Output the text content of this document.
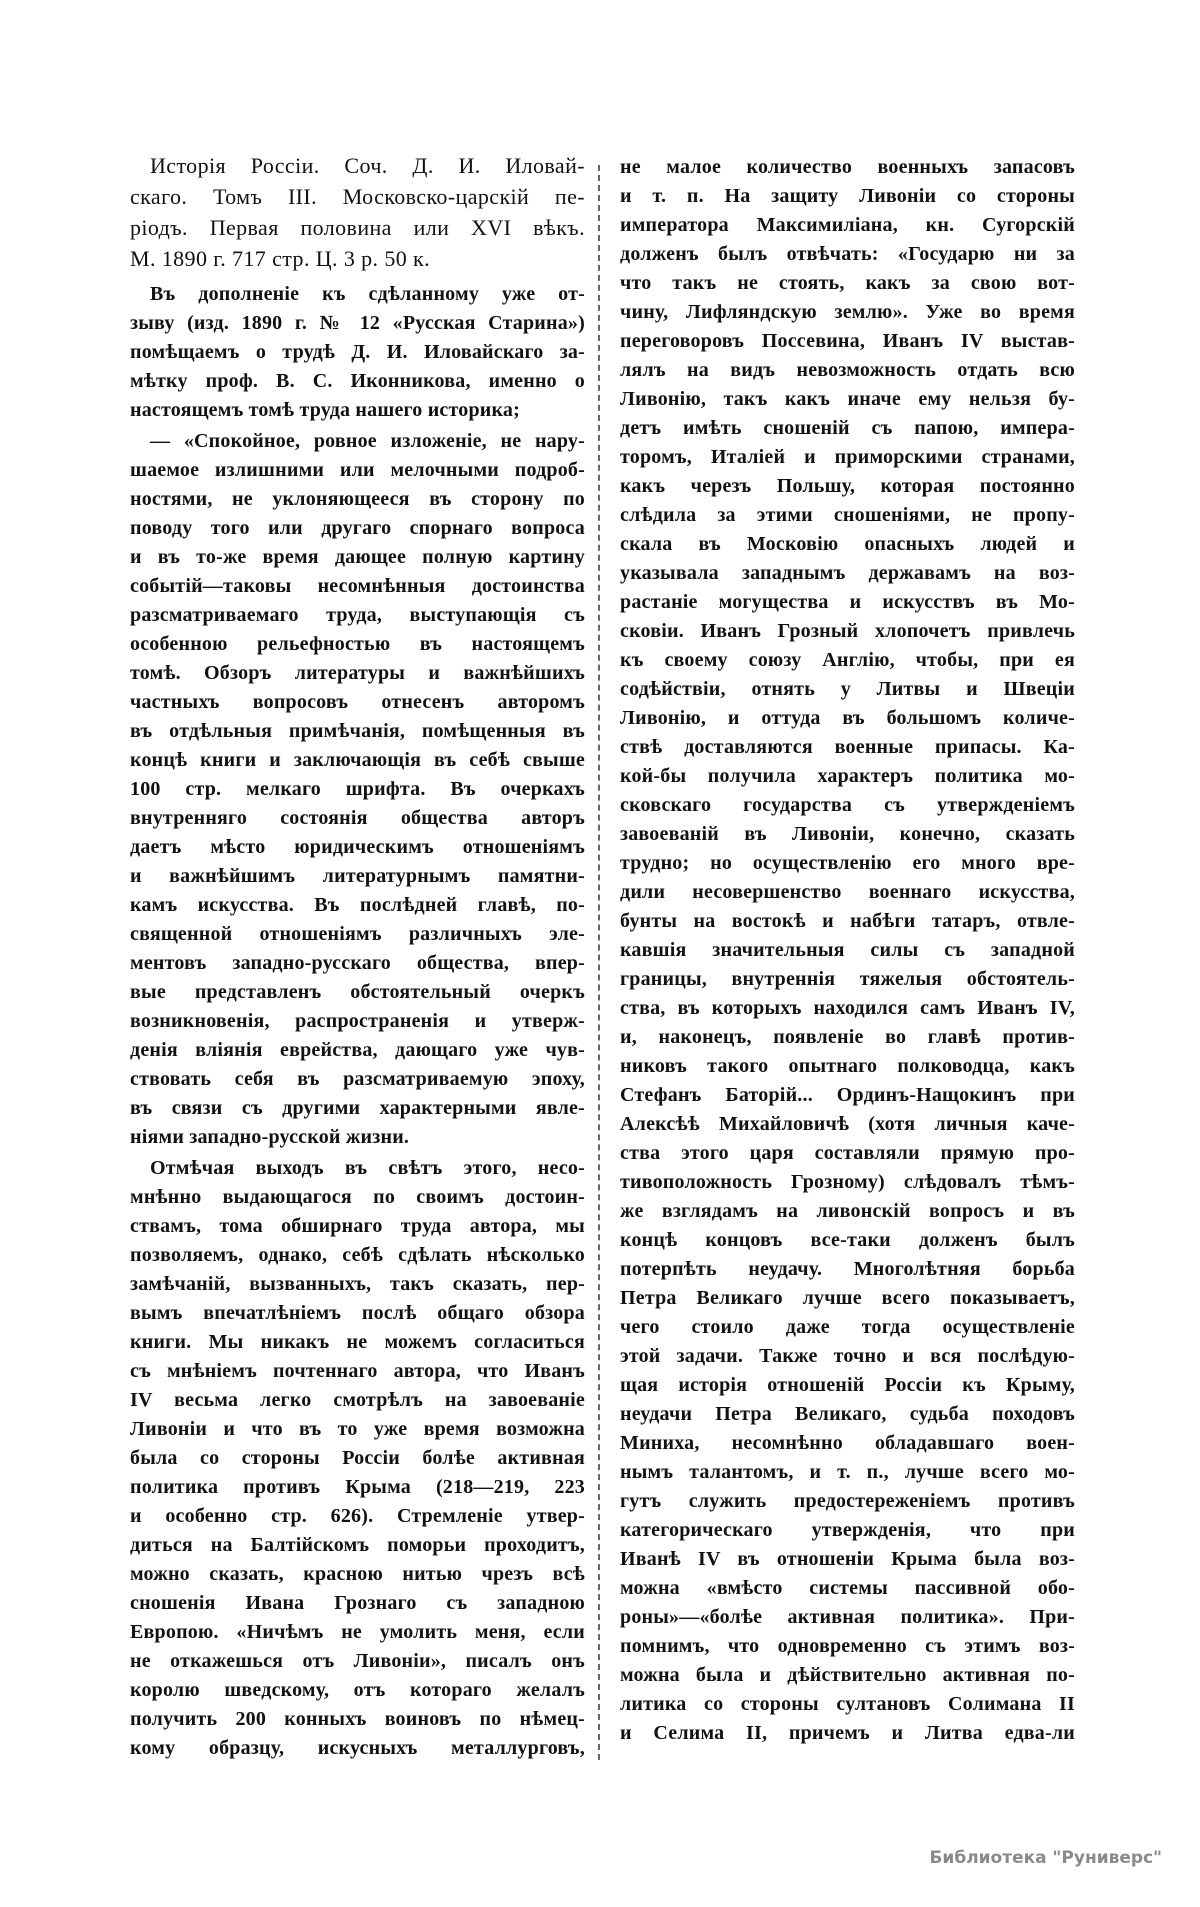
Исторія Россіи. Соч. Д. И. Иловай-
скаго. Томъ III. Московско-царскій пе-
ріодъ. Первая половина или XVI вѣкъ.
М. 1890 г. 717 стр. Ц. 3 р. 50 к.
Въ дополненіе къ сдѣланному уже от-
зыву (изд. 1890 г. № 12 «Русская Старина»)
помѣщаемъ о трудѣ Д. И. Иловайскаго за-
мѣтку проф. В. С. Иконникова, именно о
настоящемъ томѣ труда нашего историка;
— «Спокойное, ровное изложеніе, не нару-
шаемое излишними или мелочными подроб-
ностями, не уклоняющееся въ сторону по
поводу того или другаго спорнаго вопроса
и въ то-же время дающее полную картину
событій—таковы несомнѣнныя достоинства
разсматриваемаго труда, выступающія съ
особенною рельефностью въ настоящемъ
томѣ. Обзоръ литературы и важнѣйшихъ
частныхъ вопросовъ отнесенъ авторомъ
въ отдѣльныя примѣчанія, помѣщенныя въ
концѣ книги и заключающія въ себѣ свыше
100 стр. мелкаго шрифта. Въ очеркахъ
внутренняго состоянія общества авторъ
даетъ мѣсто юридическимъ отношеніямъ
и важнѣйшимъ литературнымъ памятни-
камъ искусства. Въ послѣдней главѣ, по-
священной отношеніямъ различныхъ эле-
ментовъ западно-русскаго общества, впер-
вые представленъ обстоятельный очеркъ
возникновенія, распространенія и утверж-
денія вліянія еврейства, дающаго уже чув-
ствовать себя въ разсматриваемую эпоху,
въ связи съ другими характерными явле-
ніями западно-русской жизни.
Отмѣчая выходъ въ свѣтъ этого, несо-
мнѣнно выдающагося по своимъ достоин-
ствамъ, тома обширнаго труда автора, мы
позволяемъ, однако, себѣ сдѣлать нѣсколько
замѣчаній, вызванныхъ, такъ сказать, пер-
вымъ впечатлѣніемъ послѣ общаго обзора
книги. Мы никакъ не можемъ согласиться
съ мнѣніемъ почтеннаго автора, что Иванъ
IV весьма легко смотрѣлъ на завоеваніе
Ливоніи и что въ то уже время возможна
была со стороны Россіи болѣе активная
политика противъ Крыма (218—219, 223
и особенно стр. 626). Стремленіе утвер-
диться на Балтійскомъ поморьи проходитъ,
можно сказать, красною нитью чрезъ всѣ
сношенія Ивана Грознаго съ западною
Европою. «Ничѣмъ не умолить меня, если
не откажешься отъ Ливоніи», писалъ онъ
королю шведскому, отъ котораго желалъ
получить 200 конныхъ воиновъ по нѣмец-
кому образцу, искусныхъ металлурговъ,
не малое количество военныхъ запасовъ
и т. п. На защиту Ливоніи со стороны
императора Максимиліана, кн. Сугорскій
долженъ былъ отвѣчать: «Государю ни за
что такъ не стоять, какъ за свою вот-
чину, Лифляндскую землю». Уже во время
переговоровъ Поссевина, Иванъ IV выстав-
лялъ на видъ невозможность отдать всю
Ливонію, такъ какъ иначе ему нельзя бу-
детъ имѣть сношеній съ папою, импера-
торомъ, Италіей и приморскими странами,
какъ черезъ Польшу, которая постоянно
слѣдила за этими сношеніями, не пропу-
скала въ Московію опасныхъ людей и
указывала западнымъ державамъ на воз-
растаніе могущества и искусствъ въ Мо-
сковіи. Иванъ Грозный хлопочетъ привлечь
къ своему союзу Англію, чтобы, при ея
содѣйствіи, отнять у Литвы и Швеціи
Ливонію, и оттуда въ большомъ количе-
ствѣ доставляются военные припасы. Ка-
кой-бы получила характеръ политика мо-
сковскаго государства съ утвержденіемъ
завоеваній въ Ливоніи, конечно, сказать
трудно; но осуществленію его много вре-
дили несовершенство военнаго искусства,
бунты на востокѣ и набѣги татаръ, отвле-
кавшія значительныя силы съ западной
границы, внутреннія тяжелыя обстоятель-
ства, въ которыхъ находился самъ Иванъ IV,
и, наконецъ, появленіе во главѣ против-
никовъ такого опытнаго полководца, какъ
Стефанъ Баторій... Ординъ-Нащокинъ при
Алексѣѣ Михайловичѣ (хотя личныя каче-
ства этого царя составляли прямую про-
тивоположность Грозному) слѣдовалъ тѣмъ-
же взглядамъ на ливонскій вопросъ и въ
концѣ концовъ все-таки долженъ былъ
потерпѣть неудачу. Многолѣтняя борьба
Петра Великаго лучше всего показываетъ,
чего стоило даже тогда осуществленіе
этой задачи. Также точно и вся послѣдую-
щая исторія отношеній Россіи къ Крыму,
неудачи Петра Великаго, судьба походовъ
Миниха, несомнѣнно обладавшаго воен-
нымъ талантомъ, и т. п., лучше всего мо-
гутъ служить предостереженіемъ противъ
категорическаго утвержденія, что при
Иванѣ IV въ отношеніи Крыма была воз-
можна «вмѣсто системы пассивной обо-
роны»—«болѣе активная политика». При-
помнимъ, что одновременно съ этимъ воз-
можна была и дѣйствительно активная по-
литика со стороны султановъ Солимана II
и Селима II, причемъ и Литва едва-ли
Библиотека "Руниверс"
